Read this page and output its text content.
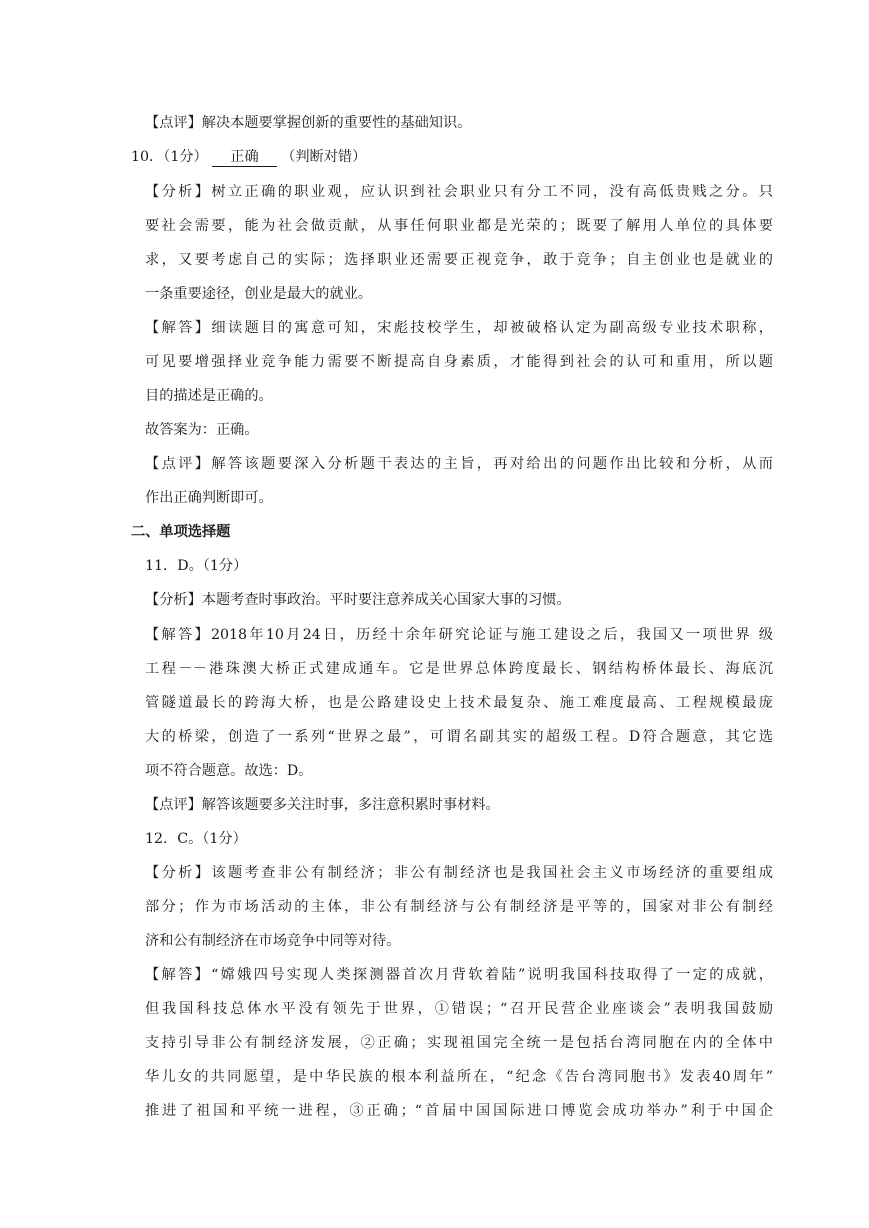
【点评】解决本题要掌握创新的重要性的基础知识。
10．（1分） 正确 （判断对错）
【分析】树立正确的职业观，应认识到社会职业只有分工不同，没有高低贵贱之分。只
要社会需要，能为社会做贡献，从事任何职业都是光荣的；既要了解用人单位的具体要
求，又要考虑自己的实际；选择职业还需要正视竞争，敢于竞争；自主创业也是就业的
一条重要途径，创业是最大的就业。
【解答】细读题目的寓意可知，宋彪技校学生，却被破格认定为副高级专业技术职称，
可见要增强择业竞争能力需要不断提高自身素质，才能得到社会的认可和重用，所以题
目的描述是正确的。
故答案为：正确。
【点评】解答该题要深入分析题干表达的主旨，再对给出的问题作出比较和分析，从而
作出正确判断即可。
二、单项选择题
11．D。（1分）
【分析】本题考查时事政治。平时要注意养成关心国家大事的习惯。
【解答】2018年10月24日，历经十余年研究论证与施工建设之后，我国又一项世界 级
工程－－港珠澳大桥正式建成通车。它是世界总体跨度最长、钢结构桥体最长、海底沉
管隧道最长的跨海大桥，也是公路建设史上技术最复杂、施工难度最高、工程规模最庞
大的桥梁，创造了一系列“世界之最”，可谓名副其实的超级工程。D符合题意，其它选
项不符合题意。故选：D。
【点评】解答该题要多关注时事，多注意积累时事材料。
12．C。（1分）
【分析】该题考查非公有制经济；非公有制经济也是我国社会主义市场经济的重要组成
部分；作为市场活动的主体，非公有制经济与公有制经济是平等的，国家对非公有制经
济和公有制经济在市场竞争中同等对待。
【解答】“嫦娥四号实现人类探测器首次月背软着陆”说明我国科技取得了一定的成就，
但我国科技总体水平没有领先于世界，①错误；“召开民营企业座谈会”表明我国鼓励
支持引导非公有制经济发展，②正确；实现祖国完全统一是包括台湾同胞在内的全体中
华儿女的共同愿望，是中华民族的根本利益所在，“纪念《告台湾同胞书》发表40周年”
推进了祖国和平统一进程，③正确；“首届中国国际进口博览会成功举办”利于中国企
